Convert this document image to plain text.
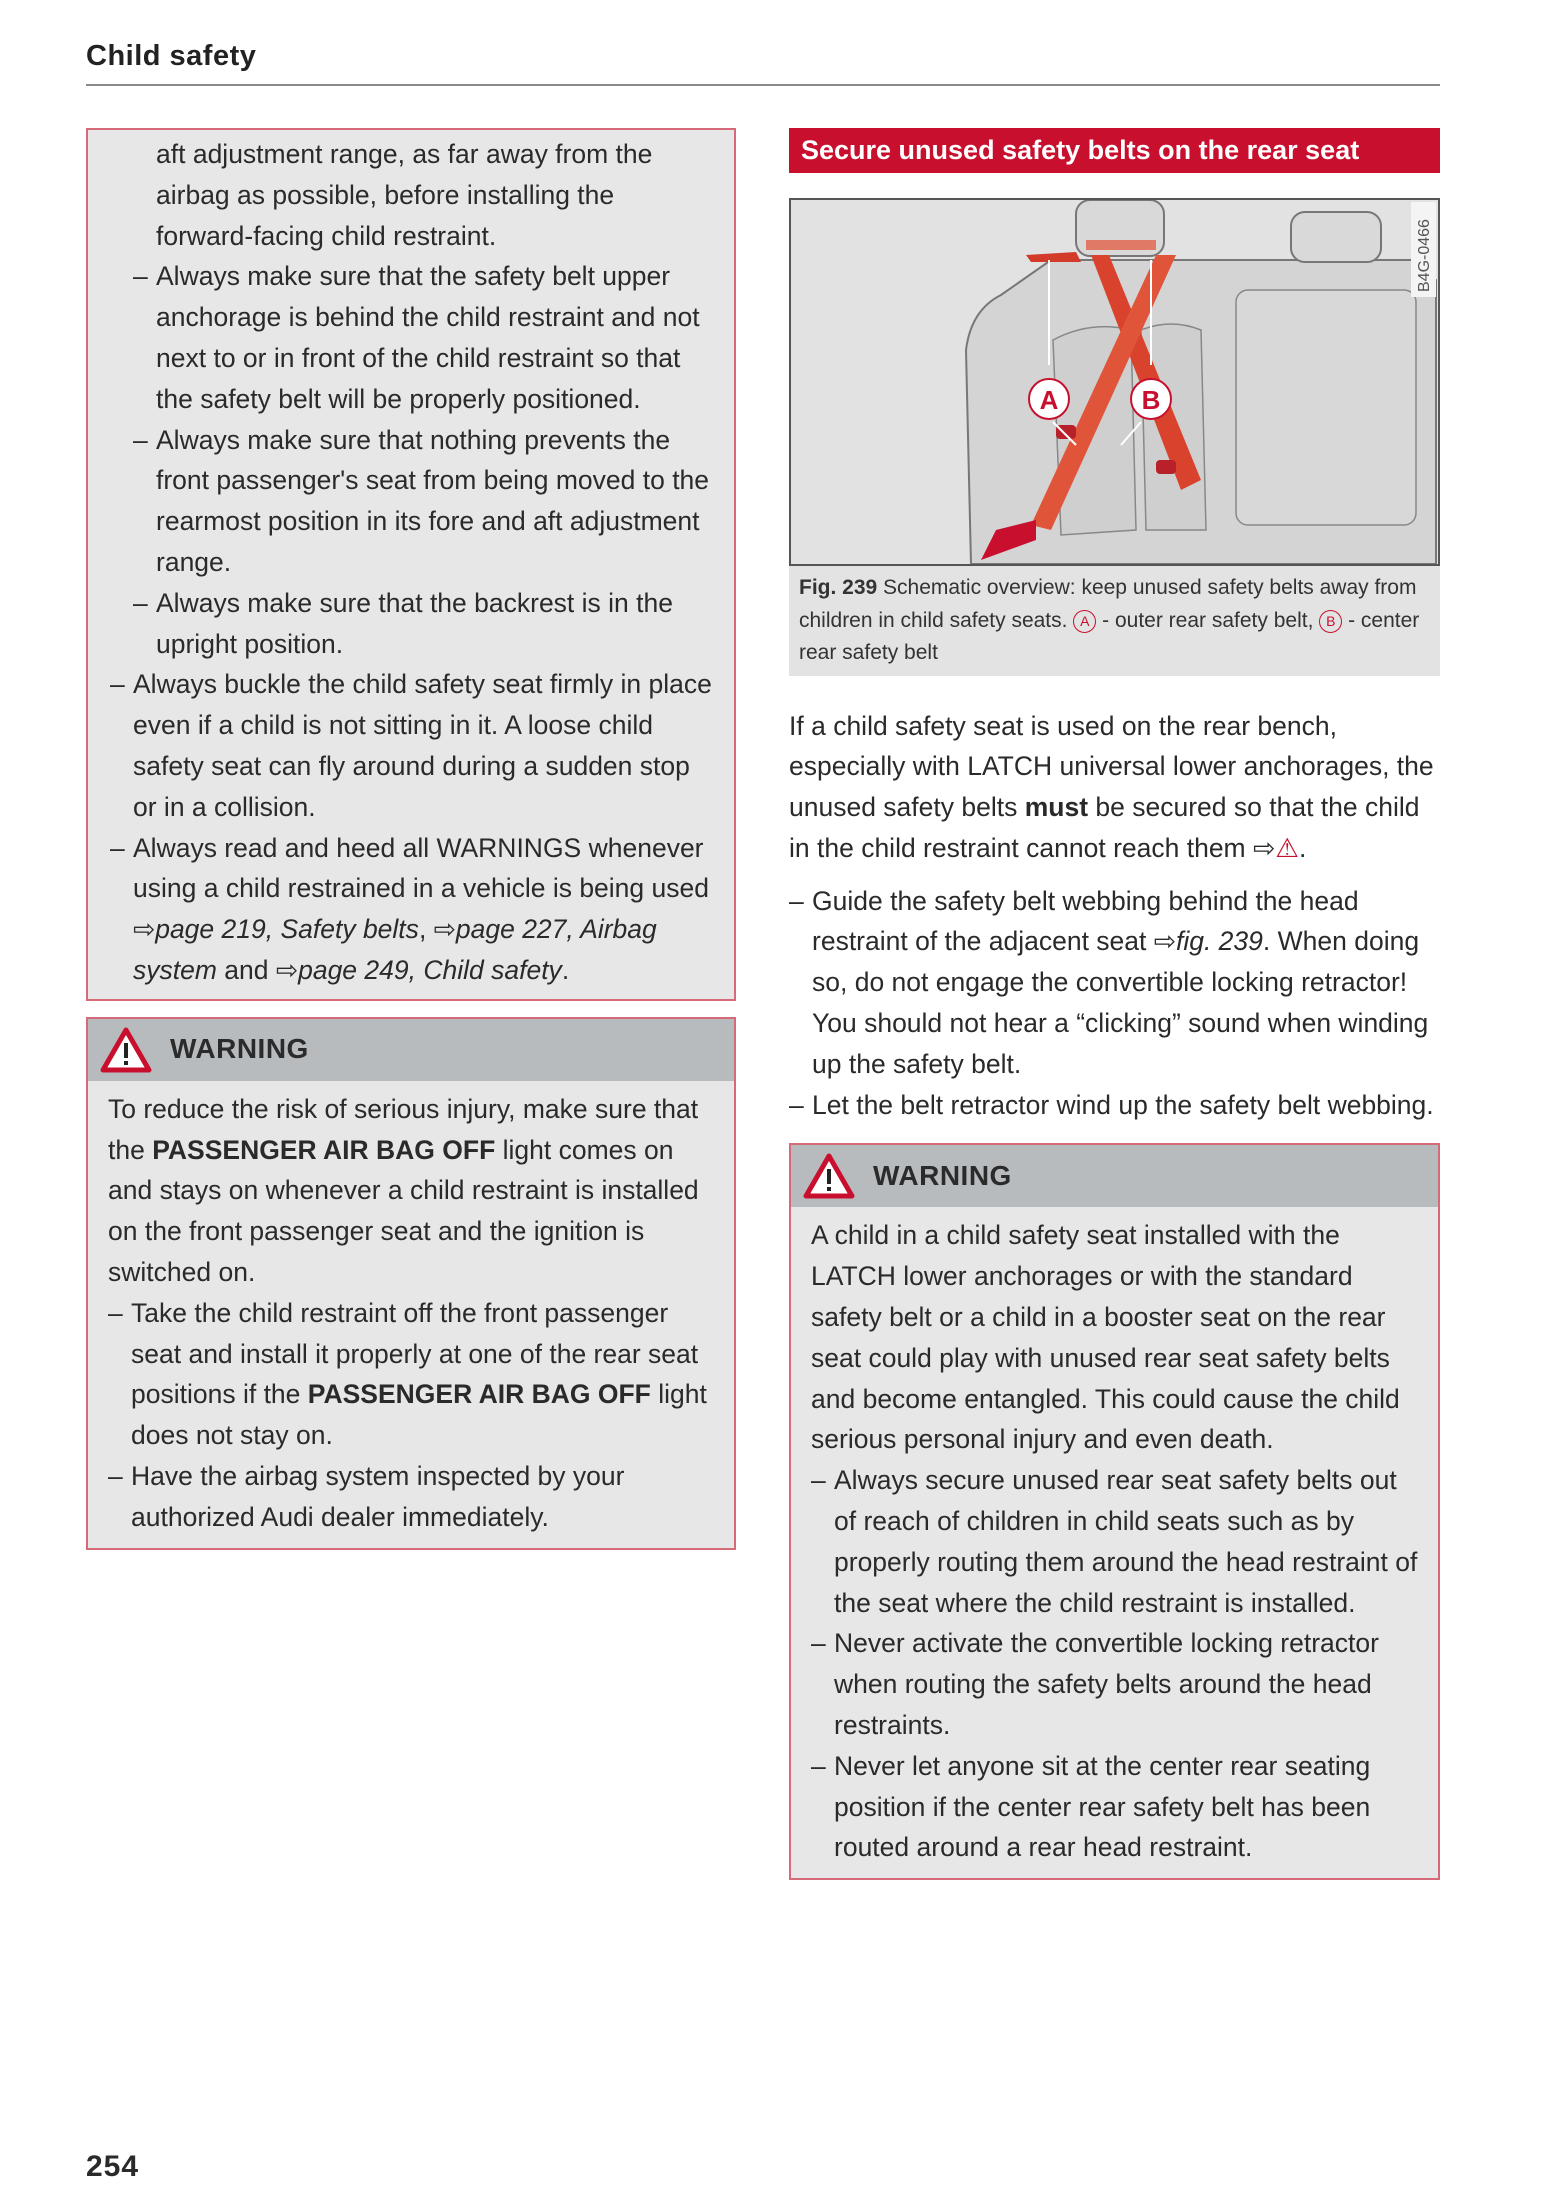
Child safety
aft adjustment range, as far away from the airbag as possible, before installing the forward-facing child restraint.
– Always make sure that the safety belt upper anchorage is behind the child restraint and not next to or in front of the child restraint so that the safety belt will be properly positioned.
– Always make sure that nothing prevents the front passenger's seat from being moved to the rearmost position in its fore and aft adjustment range.
– Always make sure that the backrest is in the upright position.
– Always buckle the child safety seat firmly in place even if a child is not sitting in it. A loose child safety seat can fly around during a sudden stop or in a collision.
– Always read and heed all WARNINGS whenever using a child restrained in a vehicle is being used ⇨page 219, Safety belts, ⇨page 227, Airbag system and ⇨page 249, Child safety.
WARNING
To reduce the risk of serious injury, make sure that the PASSENGER AIR BAG OFF light comes on and stays on whenever a child restraint is installed on the front passenger seat and the ignition is switched on.
– Take the child restraint off the front passenger seat and install it properly at one of the rear seat positions if the PASSENGER AIR BAG OFF light does not stay on.
– Have the airbag system inspected by your authorized Audi dealer immediately.
Secure unused safety belts on the rear seat
A	B
B4G-0466
Fig. 239 Schematic overview: keep unused safety belts away from children in child safety seats. A - outer rear safety belt, B - center rear safety belt
If a child safety seat is used on the rear bench, especially with LATCH universal lower anchorages, the unused safety belts must be secured so that the child in the child restraint cannot reach them ⇨⚠.
– Guide the safety belt webbing behind the head restraint of the adjacent seat ⇨fig. 239. When doing so, do not engage the convertible locking retractor! You should not hear a “clicking” sound when winding up the safety belt.
– Let the belt retractor wind up the safety belt webbing.
WARNING
A child in a child safety seat installed with the LATCH lower anchorages or with the standard safety belt or a child in a booster seat on the rear seat could play with unused rear seat safety belts and become entangled. This could cause the child serious personal injury and even death.
– Always secure unused rear seat safety belts out of reach of children in child seats such as by properly routing them around the head restraint of the seat where the child restraint is installed.
– Never activate the convertible locking retractor when routing the safety belts around the head restraints.
– Never let anyone sit at the center rear seating position if the center rear safety belt has been routed around a rear head restraint.
254
